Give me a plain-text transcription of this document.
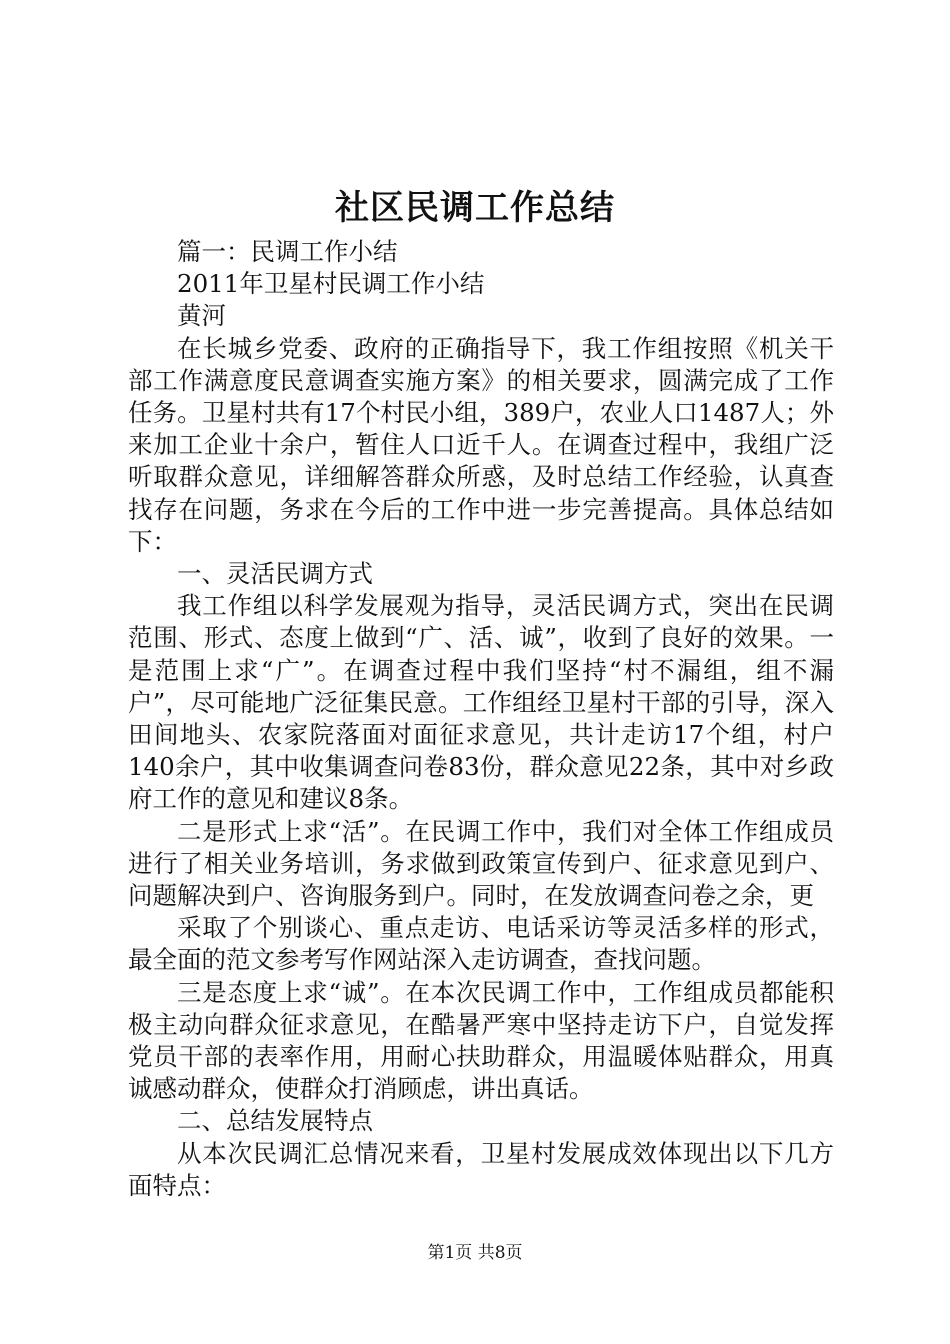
社区民调工作总结

篇一：民调工作小结

2011年卫星村民调工作小结

黄河

在长城乡党委、政府的正确指导下，我工作组按照《机关干部工作满意度民意调查实施方案》的相关要求，圆满完成了工作任务。卫星村共有17个村民小组，389户，农业人口1487人；外来加工企业十余户，暂住人口近千人。在调查过程中，我组广泛听取群众意见，详细解答群众所惑，及时总结工作经验，认真查找存在问题，务求在今后的工作中进一步完善提高。具体总结如下：

一、灵活民调方式

我工作组以科学发展观为指导，灵活民调方式，突出在民调范围、形式、态度上做到“广、活、诚”，收到了良好的效果。一是范围上求“广”。在调查过程中我们坚持“村不漏组，组不漏户”，尽可能地广泛征集民意。工作组经卫星村干部的引导，深入田间地头、农家院落面对面征求意见，共计走访17个组，村户140余户，其中收集调查问卷83份，群众意见22条，其中对乡政府工作的意见和建议8条。

二是形式上求“活”。在民调工作中，我们对全体工作组成员进行了相关业务培训，务求做到政策宣传到户、征求意见到户、问题解决到户、咨询服务到户。同时，在发放调查问卷之余，更

采取了个别谈心、重点走访、电话采访等灵活多样的形式，最全面的范文参考写作网站深入走访调查，查找问题。

三是态度上求“诚”。在本次民调工作中，工作组成员都能积极主动向群众征求意见，在酷暑严寒中坚持走访下户，自觉发挥党员干部的表率作用，用耐心扶助群众，用温暖体贴群众，用真诚感动群众，使群众打消顾虑，讲出真话。

二、总结发展特点

从本次民调汇总情况来看，卫星村发展成效体现出以下几方面特点：

第1页 共8页
